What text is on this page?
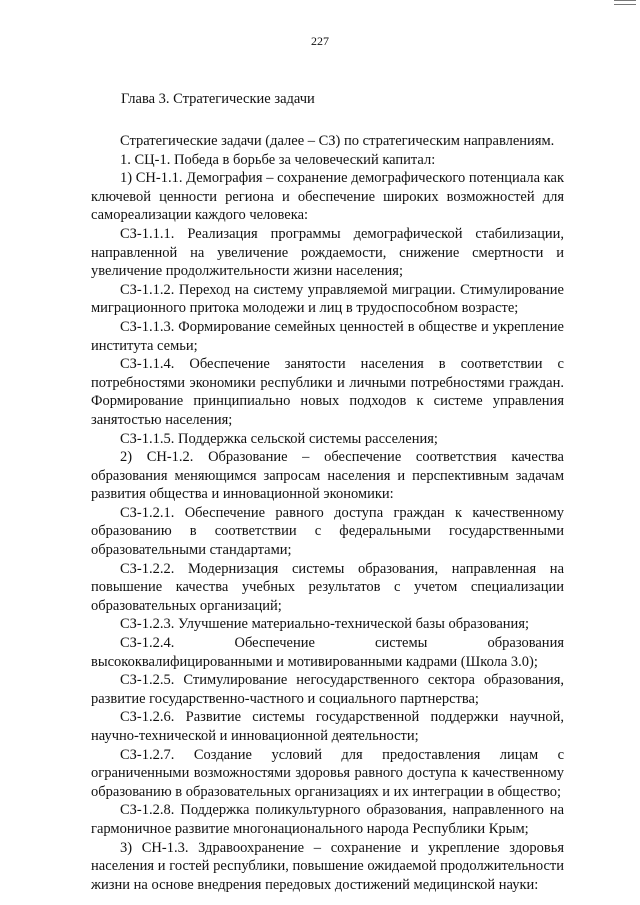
227
Глава 3. Стратегические задачи

Стратегические задачи (далее – СЗ) по стратегическим направлениям.

1. СЦ-1. Победа в борьбе за человеческий капитал:

1) СН-1.1. Демография – сохранение демографического потенциала как ключевой ценности региона и обеспечение широких возможностей для самореализации каждого человека:

СЗ-1.1.1. Реализация программы демографической стабилизации, направленной на увеличение рождаемости, снижение смертности и увеличение продолжительности жизни населения;

СЗ-1.1.2. Переход на систему управляемой миграции. Стимулирование миграционного притока молодежи и лиц в трудоспособном возрасте;

СЗ-1.1.3. Формирование семейных ценностей в обществе и укрепление института семьи;

СЗ-1.1.4. Обеспечение занятости населения в соответствии с потребностями экономики республики и личными потребностями граждан. Формирование принципиально новых подходов к системе управления занятостью населения;

СЗ-1.1.5. Поддержка сельской системы расселения;

2) СН-1.2. Образование – обеспечение соответствия качества образования меняющимся запросам населения и перспективным задачам развития общества и инновационной экономики:

СЗ-1.2.1. Обеспечение равного доступа граждан к качественному образованию в соответствии с федеральными государственными образовательными стандартами;

СЗ-1.2.2. Модернизация системы образования, направленная на повышение качества учебных результатов с учетом специализации образовательных организаций;

СЗ-1.2.3. Улучшение материально-технической базы образования;

СЗ-1.2.4. Обеспечение системы образования высококвалифицированными и мотивированными кадрами (Школа 3.0);

СЗ-1.2.5. Стимулирование негосударственного сектора образования, развитие государственно-частного и социального партнерства;

СЗ-1.2.6. Развитие системы государственной поддержки научной, научно-технической и инновационной деятельности;

СЗ-1.2.7. Создание условий для предоставления лицам с ограниченными возможностями здоровья равного доступа к качественному образованию в образовательных организациях и их интеграции в общество;

СЗ-1.2.8. Поддержка поликультурного образования, направленного на гармоничное развитие многонационального народа Республики Крым;

3) СН-1.3. Здравоохранение – сохранение и укрепление здоровья населения и гостей республики, повышение ожидаемой продолжительности жизни на основе внедрения передовых достижений медицинской науки:
